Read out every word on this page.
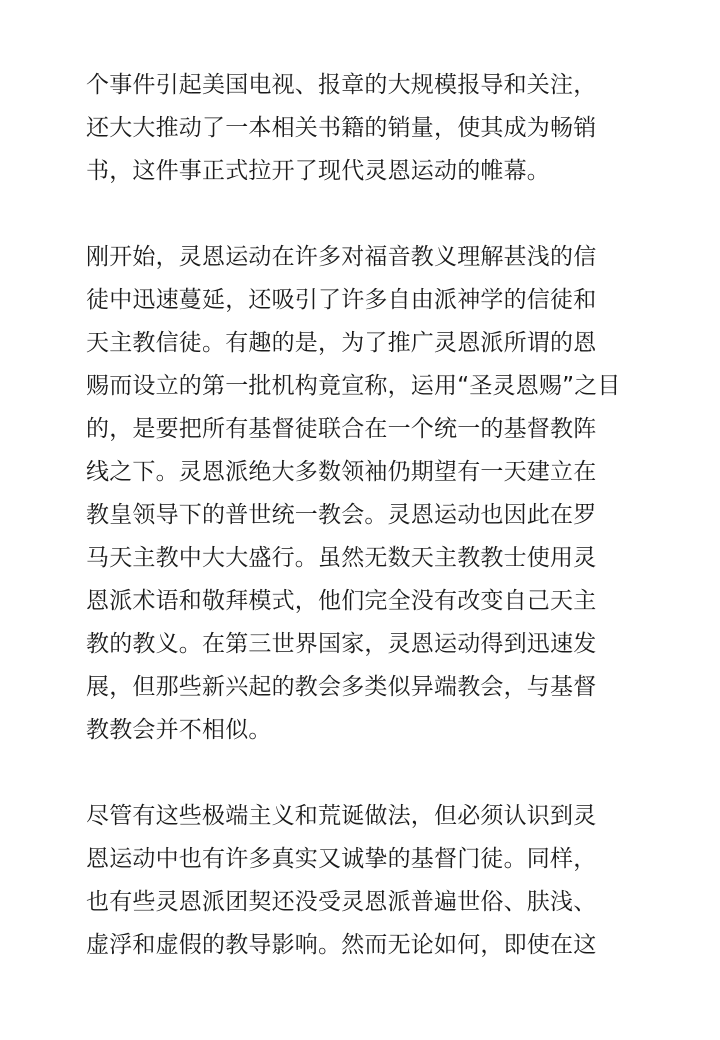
个事件引起美国电视、报章的大规模报导和关注，
还大大推动了一本相关书籍的销量，使其成为畅销
书，这件事正式拉开了现代灵恩运动的帷幕。

刚开始，灵恩运动在许多对福音教义理解甚浅的信
徒中迅速蔓延，还吸引了许多自由派神学的信徒和
天主教信徒。有趣的是，为了推广灵恩派所谓的恩
赐而设立的第一批机构竟宣称，运用“圣灵恩赐”之目
的，是要把所有基督徒联合在一个统一的基督教阵
线之下。灵恩派绝大多数领袖仍期望有一天建立在
教皇领导下的普世统一教会。灵恩运动也因此在罗
马天主教中大大盛行。虽然无数天主教教士使用灵
恩派术语和敬拜模式，他们完全没有改变自己天主
教的教义。在第三世界国家，灵恩运动得到迅速发
展，但那些新兴起的教会多类似异端教会，与基督
教教会并不相似。

尽管有这些极端主义和荒诞做法，但必须认识到灵
恩运动中也有许多真实又诚挚的基督门徒。同样，
也有些灵恩派团契还没受灵恩派普遍世俗、肤浅、
虚浮和虚假的教导影响。然而无论如何，即使在这
